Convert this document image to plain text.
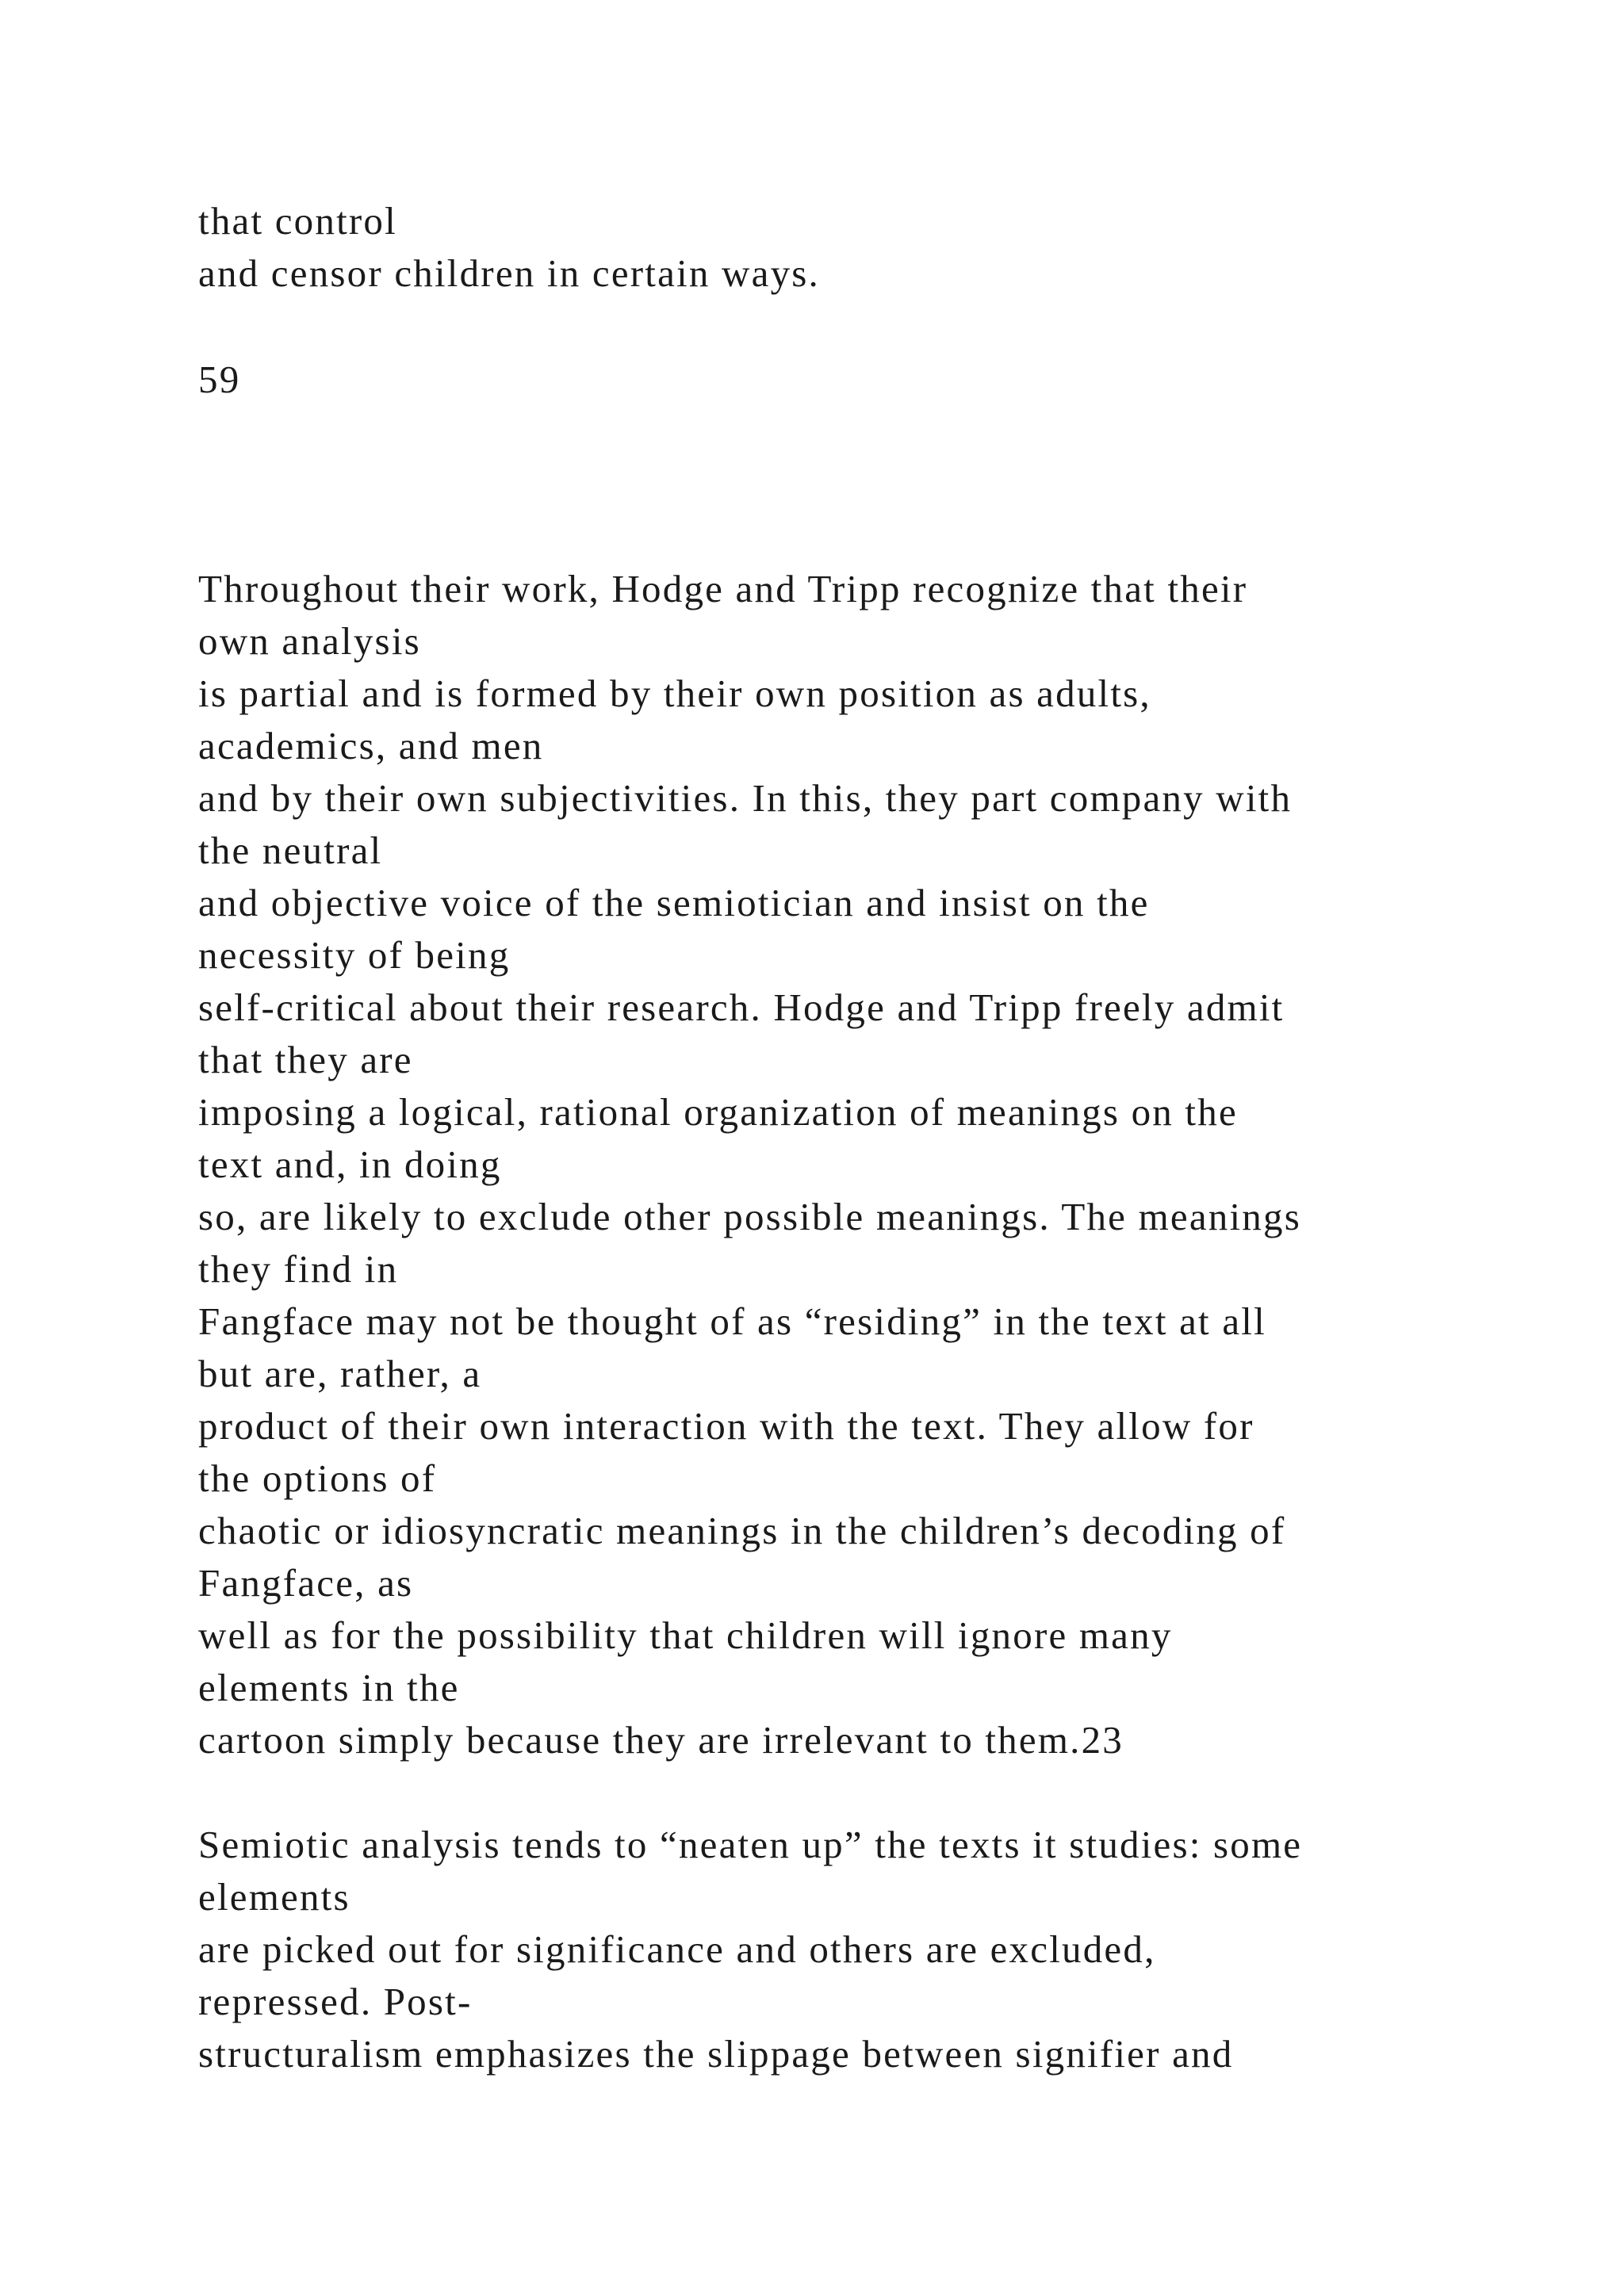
that control

and censor children in certain ways.

59

Throughout their work, Hodge and Tripp recognize that their

own analysis

is partial and is formed by their own position as adults,

academics, and men

and by their own subjectivities. In this, they part company with

the neutral

and objective voice of the semiotician and insist on the

necessity of being

self-critical about their research. Hodge and Tripp freely admit

that they are

imposing a logical, rational organization of meanings on the

text and, in doing

so, are likely to exclude other possible meanings. The meanings

they find in

Fangface may not be thought of as “residing” in the text at all

but are, rather, a

product of their own interaction with the text. They allow for

the options of

chaotic or idiosyncratic meanings in the children’s decoding of

Fangface, as

well as for the possibility that children will ignore many

elements in the

cartoon simply because they are irrelevant to them.23

Semiotic analysis tends to “neaten up” the texts it studies: some

elements

are picked out for significance and others are excluded,

repressed. Post-

structuralism emphasizes the slippage between signifier and
